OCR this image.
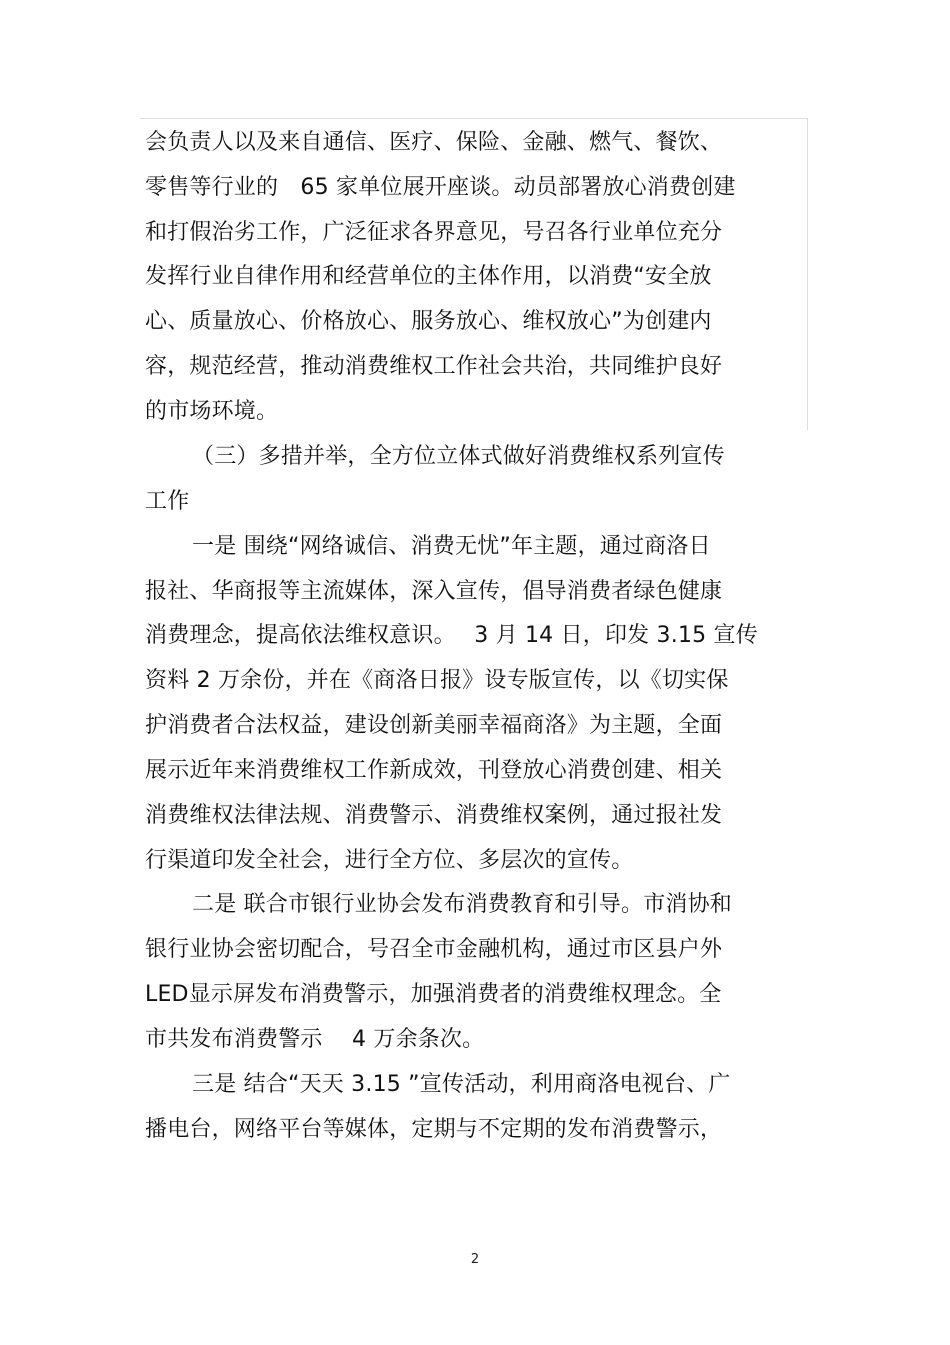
会负责人以及来自通信、医疗、保险、金融、燃气、餐饮、
零售等行业的　65 家单位展开座谈。动员部署放心消费创建
和打假治劣工作，广泛征求各界意见，号召各行业单位充分
发挥行业自律作用和经营单位的主体作用，以消费“安全放
心、质量放心、价格放心、服务放心、维权放心”为创建内
容，规范经营，推动消费维权工作社会共治，共同维护良好
的市场环境。
（三）多措并举，全方位立体式做好消费维权系列宣传
工作
一是 围绕“网络诚信、消费无忧”年主题，通过商洛日
报社、华商报等主流媒体，深入宣传，倡导消费者绿色健康
消费理念，提高依法维权意识。　 3 月 14 日，印发 3.15 宣传
资料 2 万余份，并在《商洛日报》设专版宣传，以《切实保
护消费者合法权益，建设创新美丽幸福商洛》为主题，全面
展示近年来消费维权工作新成效，刊登放心消费创建、相关
消费维权法律法规、消费警示、消费维权案例，通过报社发
行渠道印发全社会，进行全方位、多层次的宣传。
二是 联合市银行业协会发布消费教育和引导。市消协和
银行业协会密切配合，号召全市金融机构，通过市区县户外
LED显示屏发布消费警示，加强消费者的消费维权理念。全
市共发布消费警示　 4 万余条次。
三是 结合“天天 3.15 ”宣传活动，利用商洛电视台、广
播电台，网络平台等媒体，定期与不定期的发布消费警示，
2
